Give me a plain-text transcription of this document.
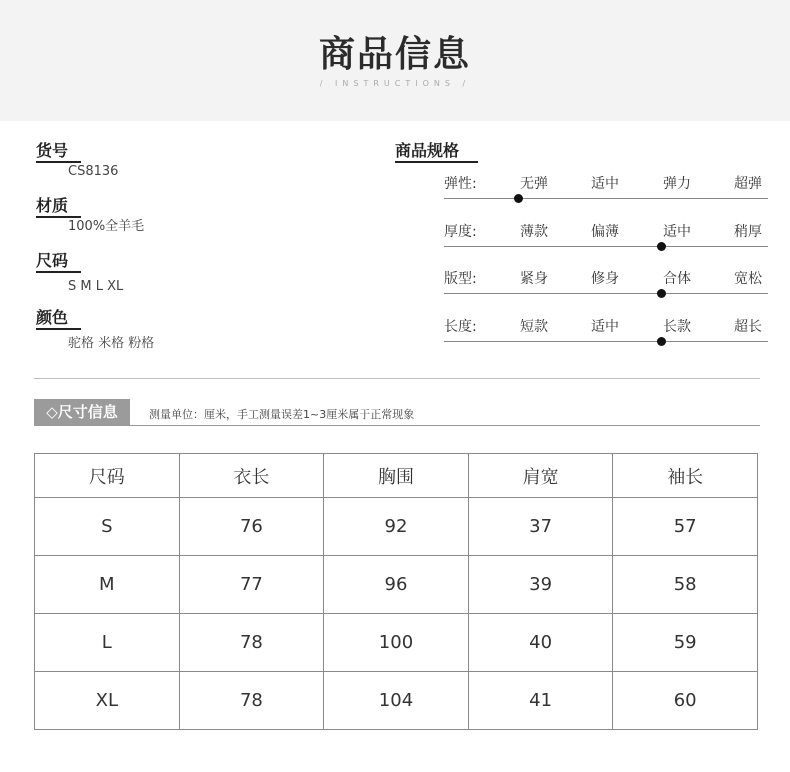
商品信息
/ INSTRUCTIONS /
货号
CS8136
材质
100%全羊毛
尺码
S M L XL
颜色
驼格 米格 粉格
商品规格
弹性:	无弹	适中	弹力	超弹
厚度:	薄款	偏薄	适中	稍厚
版型:	紧身	修身	合体	宽松
长度:	短款	适中	长款	超长
◇尺寸信息	测量单位：厘米，手工测量误差1~3厘米属于正常现象
尺码	衣长	胸围	肩宽	袖长
S	76	92	37	57
M	77	96	39	58
L	78	100	40	59
XL	78	104	41	60
